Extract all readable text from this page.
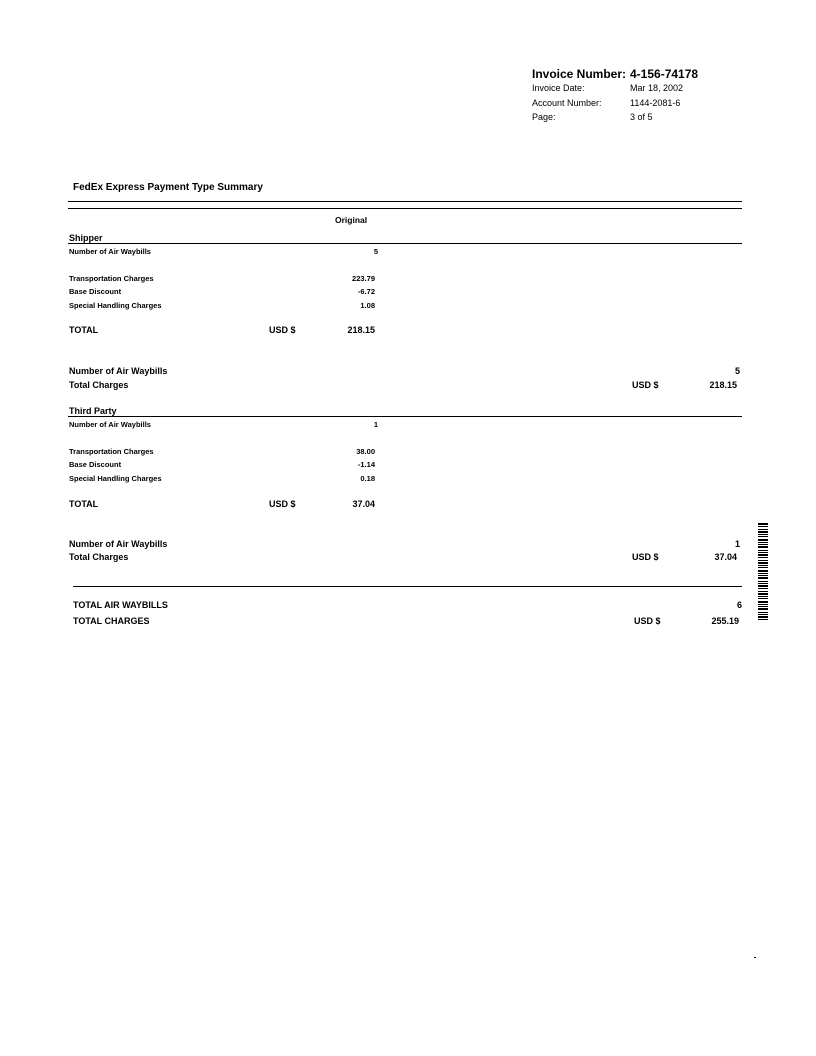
Invoice Number: 4-156-74178
Invoice Date:	Mar 18, 2002
Account Number:	1144-2081-6
Page:	3 of 5
FedEx Express Payment Type Summary
Original
Shipper
Number of Air Waybills	5
Transportation Charges	223.79
Base Discount	-6.72
Special Handling Charges	1.08
TOTAL	USD $	218.15
Number of Air Waybills	5
Total Charges	USD $	218.15
Third Party
Number of Air Waybills	1
Transportation Charges	38.00
Base Discount	-1.14
Special Handling Charges	0.18
TOTAL	USD $	37.04
Number of Air Waybills	1
Total Charges	USD $	37.04
TOTAL AIR WAYBILLS	6
TOTAL CHARGES	USD $	255.19
